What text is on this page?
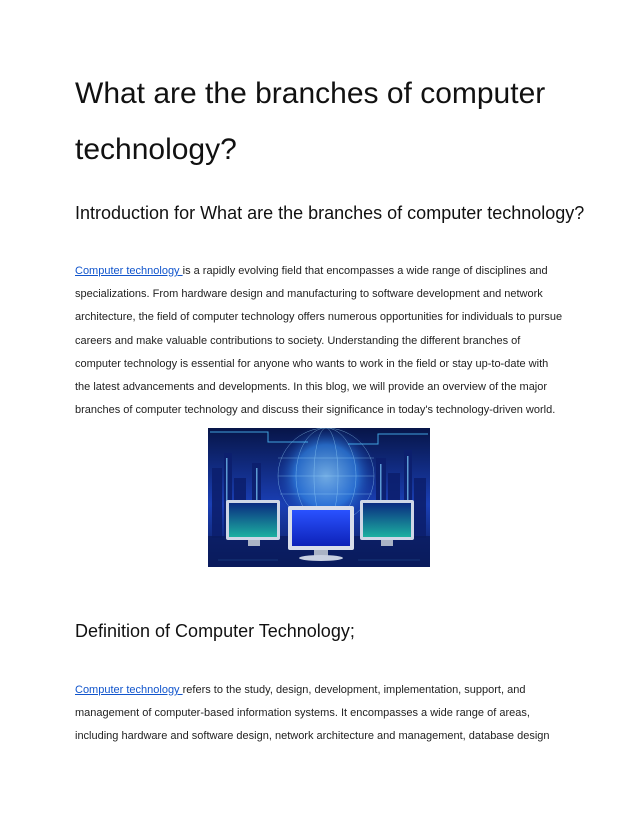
What are the branches of computer technology?
Introduction for What are the branches of computer technology?

Computer technology is a rapidly evolving field that encompasses a wide range of disciplines and specializations. From hardware design and manufacturing to software development and network architecture, the field of computer technology offers numerous opportunities for individuals to pursue careers and make valuable contributions to society. Understanding the different branches of computer technology is essential for anyone who wants to work in the field or stay up-to-date with the latest advancements and developments. In this blog, we will provide an overview of the major branches of computer technology and discuss their significance in today's technology-driven world.

Definition of Computer Technology;

Computer technology refers to the study, design, development, implementation, support, and management of computer-based information systems. It encompasses a wide range of areas, including hardware and software design, network architecture and management, database design
